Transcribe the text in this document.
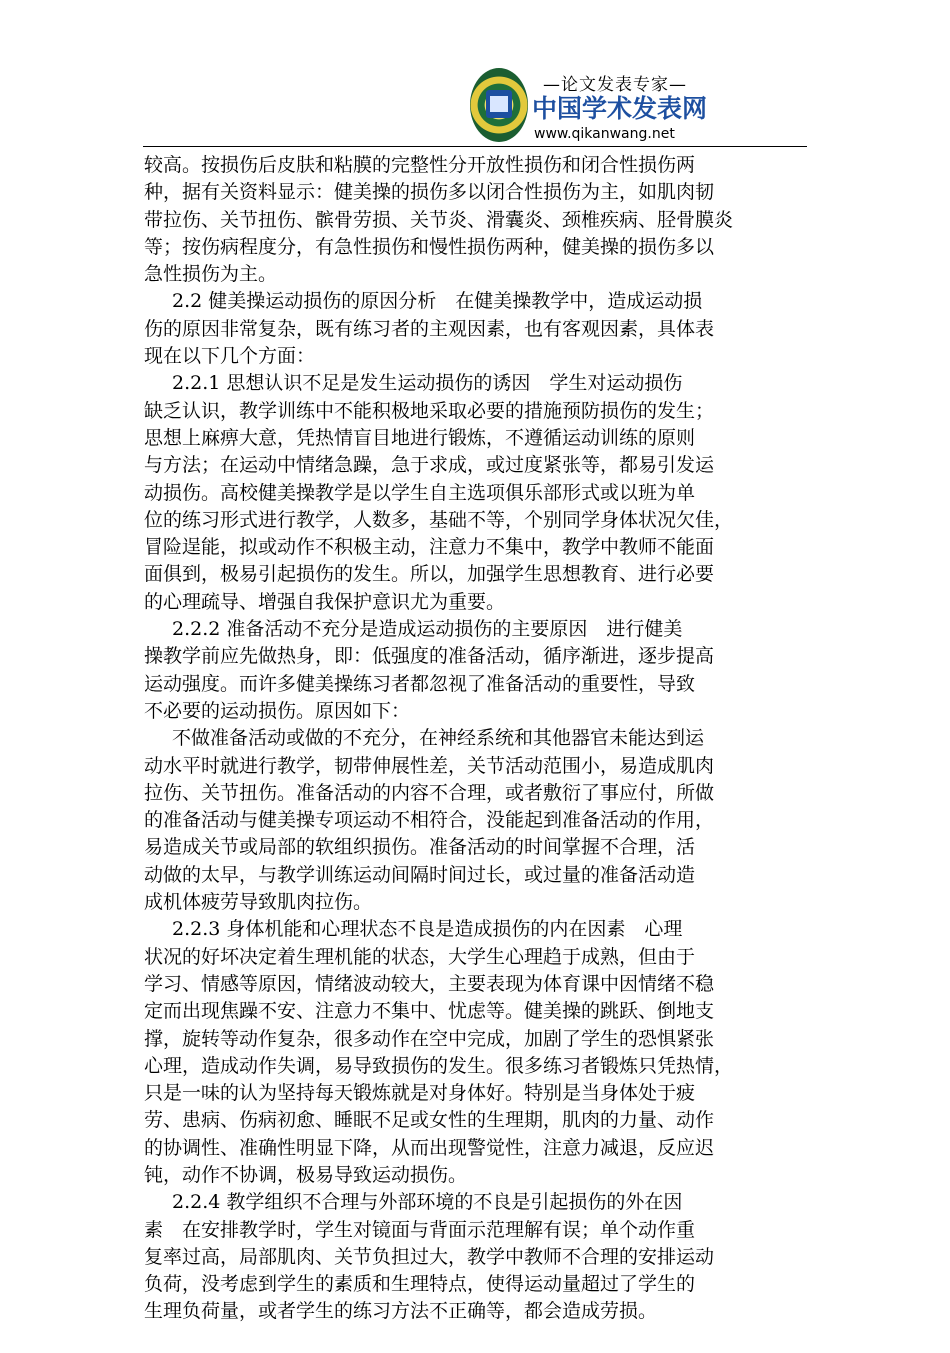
—论文发表专家—
中国学术发表网
www.qikanwang.net
较高。按损伤后皮肤和粘膜的完整性分开放性损伤和闭合性损伤两
种，据有关资料显示：健美操的损伤多以闭合性损伤为主，如肌肉韧
带拉伤、关节扭伤、髌骨劳损、关节炎、滑囊炎、颈椎疾病、胫骨膜炎
等；按伤病程度分，有急性损伤和慢性损伤两种，健美操的损伤多以
急性损伤为主。
2.2 健美操运动损伤的原因分析　在健美操教学中，造成运动损
伤的原因非常复杂，既有练习者的主观因素，也有客观因素，具体表
现在以下几个方面：
2.2.1 思想认识不足是发生运动损伤的诱因　学生对运动损伤
缺乏认识，教学训练中不能积极地采取必要的措施预防损伤的发生；
思想上麻痹大意，凭热情盲目地进行锻炼，不遵循运动训练的原则
与方法；在运动中情绪急躁，急于求成，或过度紧张等，都易引发运
动损伤。高校健美操教学是以学生自主选项俱乐部形式或以班为单
位的练习形式进行教学，人数多，基础不等，个别同学身体状况欠佳，
冒险逞能，拟或动作不积极主动，注意力不集中，教学中教师不能面
面俱到，极易引起损伤的发生。所以，加强学生思想教育、进行必要
的心理疏导、增强自我保护意识尤为重要。
2.2.2 准备活动不充分是造成运动损伤的主要原因　进行健美
操教学前应先做热身，即：低强度的准备活动，循序渐进，逐步提高
运动强度。而许多健美操练习者都忽视了准备活动的重要性，导致
不必要的运动损伤。原因如下：
不做准备活动或做的不充分，在神经系统和其他器官未能达到运
动水平时就进行教学，韧带伸展性差，关节活动范围小，易造成肌肉
拉伤、关节扭伤。准备活动的内容不合理，或者敷衍了事应付，所做
的准备活动与健美操专项运动不相符合，没能起到准备活动的作用，
易造成关节或局部的软组织损伤。准备活动的时间掌握不合理，活
动做的太早，与教学训练运动间隔时间过长，或过量的准备活动造
成机体疲劳导致肌肉拉伤。
2.2.3 身体机能和心理状态不良是造成损伤的内在因素　心理
状况的好坏决定着生理机能的状态，大学生心理趋于成熟，但由于
学习、情感等原因，情绪波动较大，主要表现为体育课中因情绪不稳
定而出现焦躁不安、注意力不集中、忧虑等。健美操的跳跃、倒地支
撑，旋转等动作复杂，很多动作在空中完成，加剧了学生的恐惧紧张
心理，造成动作失调，易导致损伤的发生。很多练习者锻炼只凭热情，
只是一味的认为坚持每天锻炼就是对身体好。特别是当身体处于疲
劳、患病、伤病初愈、睡眠不足或女性的生理期，肌肉的力量、动作
的协调性、准确性明显下降，从而出现警觉性，注意力减退，反应迟
钝，动作不协调，极易导致运动损伤。
2.2.4 教学组织不合理与外部环境的不良是引起损伤的外在因
素　在安排教学时，学生对镜面与背面示范理解有误；单个动作重
复率过高，局部肌肉、关节负担过大，教学中教师不合理的安排运动
负荷，没考虑到学生的素质和生理特点，使得运动量超过了学生的
生理负荷量，或者学生的练习方法不正确等，都会造成劳损。
